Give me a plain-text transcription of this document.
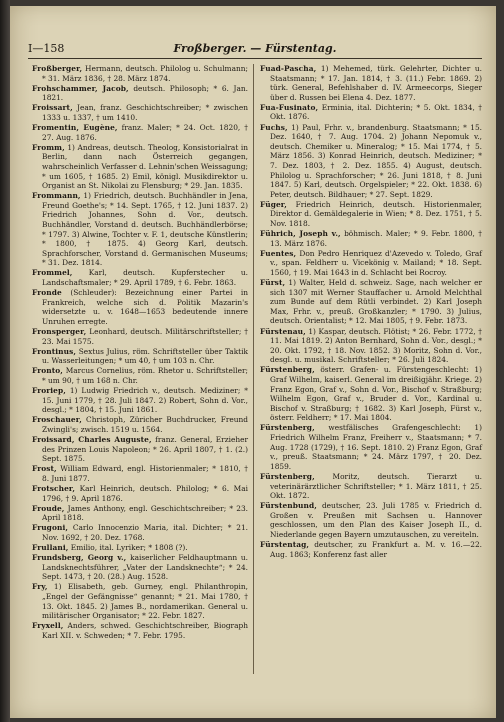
I—158	Froßberger. — Fürstentag.

Froßberger, Hermann, deutsch. Philolog u. Schulmann; * 31. März 1836, † 28. März 1874.

Frohschammer, Jacob, deutsch. Philosoph; * 6. Jan. 1821.

Froissart, Jean, franz. Geschichtschreiber; * zwischen 1333 u. 1337, † um 1410.

Fromentin, Eugène, franz. Maler; * 24. Oct. 1820, † 27. Aug. 1876.

Fromm, 1) Andreas, deutsch. Theolog, Konsistorialrat in Berlin, dann nach Österreich gegangen, wahrscheinlich Verfasser d. Lehnin'schen Weissagung; * um 1605, † 1685. 2) Emil, königl. Musikdirektor u. Organist an St. Nikolai zu Flensburg; * 29. Jan. 1835.

Frommann, 1) Friedrich, deutsch. Buchhändler in Jena, Freund Goethe's; * 14. Sept. 1765, † 12. Juni 1837. 2) Friedrich Johannes, Sohn d. Vor., deutsch. Buchhändler, Vorstand d. deutsch. Buchhändlerbörse; * 1797. 3) Alwine, Tochter v. F. 1, deutsche Künstlerin; * 1800, † 1875. 4) Georg Karl, deutsch. Sprachforscher, Vorstand d. Germanischen Museums; * 31. Dez. 1814.

Frommel, Karl, deutsch. Kupferstecher u. Landschaftsmaler; * 29. April 1789, † 6. Febr. 1863.

Fronde (Schleuder): Bezeichnung einer Partei in Frankreich, welche sich d. Politik Mazarin's widersetzte u. v. 1648—1653 bedeutende innere Unruhen erregte.

Fronsperger, Leonhard, deutsch. Militärschriftsteller; † 23. Mai 1575.

Frontinus, Sextus Julius, röm. Schriftsteller über Taktik u. Wasserleitungen; * um 40, † um 103 n. Chr.

Fronto, Marcus Cornelius, röm. Rhetor u. Schriftsteller; * um 90, † um 168 n. Chr.

Froriep, 1) Ludwig Friedrich v., deutsch. Mediziner; * 15. Juni 1779, † 28. Juli 1847. 2) Robert, Sohn d. Vor., desgl.; * 1804, † 15. Juni 1861.

Froschauer, Christoph, Züricher Buchdrucker, Freund Zwingli's; zwisch. 1519 u. 1564.

Froissard, Charles Auguste, franz. General, Erzieher des Prinzen Louis Napoleon; * 26. April 1807, † 1. (2.) Sept. 1875.

Frost, William Edward, engl. Historienmaler; * 1810, † 8. Juni 1877.

Frotscher, Karl Heinrich, deutsch. Philolog; * 6. Mai 1796, † 9. April 1876.

Froude, James Anthony, engl. Geschichtschreiber; * 23. April 1818.

Frugoni, Carlo Innocenzio Maria, ital. Dichter; * 21. Nov. 1692, † 20. Dez. 1768.

Frullani, Emilio, ital. Lyriker; * 1808 (?).

Frundsberg, Georg v., kaiserlicher Feldhauptmann u. Landsknechtsführer, „Vater der Landsknechte“; * 24. Sept. 1473, † 20. (28.) Aug. 1528.

Fry, 1) Elisabeth, geb. Gurney, engl. Philanthropin, „Engel der Gefängnisse“ genannt; * 21. Mai 1780, † 13. Okt. 1845. 2) James B., nordamerikan. General u. militärischer Organisator; * 22. Febr. 1827.

Fryxell, Anders, schwed. Geschichtschreiber, Biograph Karl XII. v. Schweden; * 7. Febr. 1795.

Fuad-Pascha, 1) Mehemed, türk. Gelehrter, Dichter u. Staatsmann; * 17. Jan. 1814, † 3. (11.) Febr. 1869. 2) türk. General, Befehlshaber d. IV. Armeecorps, Sieger über d. Russen bei Elena 4. Dez. 1877.

Fua-Fusinato, Erminia, ital. Dichterin; * 5. Okt. 1834, † Okt. 1876.

Fuchs, 1) Paul, Frhr. v., brandenburg. Staatsmann; * 15. Dez. 1640, † 7. Aug. 1704. 2) Johann Nepomuk v., deutsch. Chemiker u. Mineralog; * 15. Mai 1774, † 5. März 1856. 3) Konrad Heinrich, deutsch. Mediziner; * 7. Dez. 1803, † 2. Dez. 1855. 4) August, deutsch. Philolog u. Sprachforscher; * 26. Juni 1818, † 8. Juni 1847. 5) Karl, deutsch. Orgelspieler; * 22. Okt. 1838. 6) Peter, deutsch. Bildhauer; * 27. Sept. 1829.

Füger, Friedrich Heinrich, deutsch. Historienmaler, Direktor d. Gemäldegalerie in Wien; * 8. Dez. 1751, † 5. Nov. 1818.

Führich, Joseph v., böhmisch. Maler; * 9. Febr. 1800, † 13. März 1876.

Fuentes, Don Pedro Henriquez d'Azevedo v. Toledo, Graf v., span. Feldherr u. Vicekönig v. Mailand; * 18. Sept. 1560, † 19. Mai 1643 in d. Schlacht bei Rocroy.

Fürst, 1) Walter, Held d. schweiz. Sage, nach welcher er sich 1307 mit Werner Stauffacher u. Arnold Melchthal zum Bunde auf dem Rütli verbindet. 2) Karl Joseph Max, Frhr. v., preuß. Großkanzler; * 1790. 3) Julius, deutsch. Orientalist; * 12. Mai 1805, † 9. Febr. 1873.

Fürstenau, 1) Kaspar, deutsch. Flötist; * 26. Febr. 1772, † 11. Mai 1819. 2) Anton Bernhard, Sohn d. Vor., desgl.; * 20. Okt. 1792, † 18. Nov. 1852. 3) Moritz, Sohn d. Vor., desgl. u. musikal. Schriftsteller; * 26. Juli 1824.

Fürstenberg, österr. Grafen- u. Fürstengeschlecht: 1) Graf Wilhelm, kaiserl. General im dreißigjähr. Kriege. 2) Franz Egon, Graf v., Sohn d. Vor., Bischof v. Straßburg; Wilhelm Egon, Graf v., Bruder d. Vor., Kardinal u. Bischof v. Straßburg; † 1682. 3) Karl Joseph, Fürst v., österr. Feldherr; * 17. Mai 1804.

Fürstenberg, westfälisches Grafengeschlecht: 1) Friedrich Wilhelm Franz, Freiherr v., Staatsmann; * 7. Aug. 1728 (1729), † 16. Sept. 1810. 2) Franz Egon, Graf v., preuß. Staatsmann; * 24. März 1797, † 20. Dez. 1859.

Fürstenberg, Moritz, deutsch. Tierarzt u. veterinärärztlicher Schriftsteller; * 1. März 1811, † 25. Okt. 1872.

Fürstenbund, deutscher, 23. Juli 1785 v. Friedrich d. Großen v. Preußen mit Sachsen u. Hannover geschlossen, um den Plan des Kaiser Joseph II., d. Niederlande gegen Bayern umzutauschen, zu vereiteln.

Fürstentag, deutscher, zu Frankfurt a. M. v. 16.—22. Aug. 1863; Konferenz fast aller
